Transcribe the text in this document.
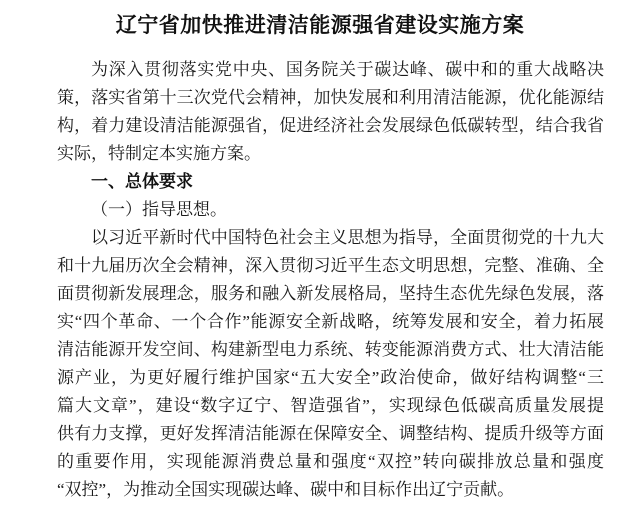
辽宁省加快推进清洁能源强省建设实施方案
为深入贯彻落实党中央、国务院关于碳达峰、碳中和的重大战略决
策，落实省第十三次党代会精神，加快发展和利用清洁能源，优化能源结
构，着力建设清洁能源强省，促进经济社会发展绿色低碳转型，结合我省
实际，特制定本实施方案。
一、总体要求
（一）指导思想。
以习近平新时代中国特色社会主义思想为指导，全面贯彻党的十九大
和十九届历次全会精神，深入贯彻习近平生态文明思想，完整、准确、全
面贯彻新发展理念，服务和融入新发展格局，坚持生态优先绿色发展，落
实“四个革命、一个合作”能源安全新战略，统筹发展和安全，着力拓展
清洁能源开发空间、构建新型电力系统、转变能源消费方式、壮大清洁能
源产业，为更好履行维护国家“五大安全”政治使命，做好结构调整“三
篇大文章”，建设“数字辽宁、智造强省”，实现绿色低碳高质量发展提
供有力支撑，更好发挥清洁能源在保障安全、调整结构、提质升级等方面
的重要作用，实现能源消费总量和强度“双控”转向碳排放总量和强度
“双控”，为推动全国实现碳达峰、碳中和目标作出辽宁贡献。
